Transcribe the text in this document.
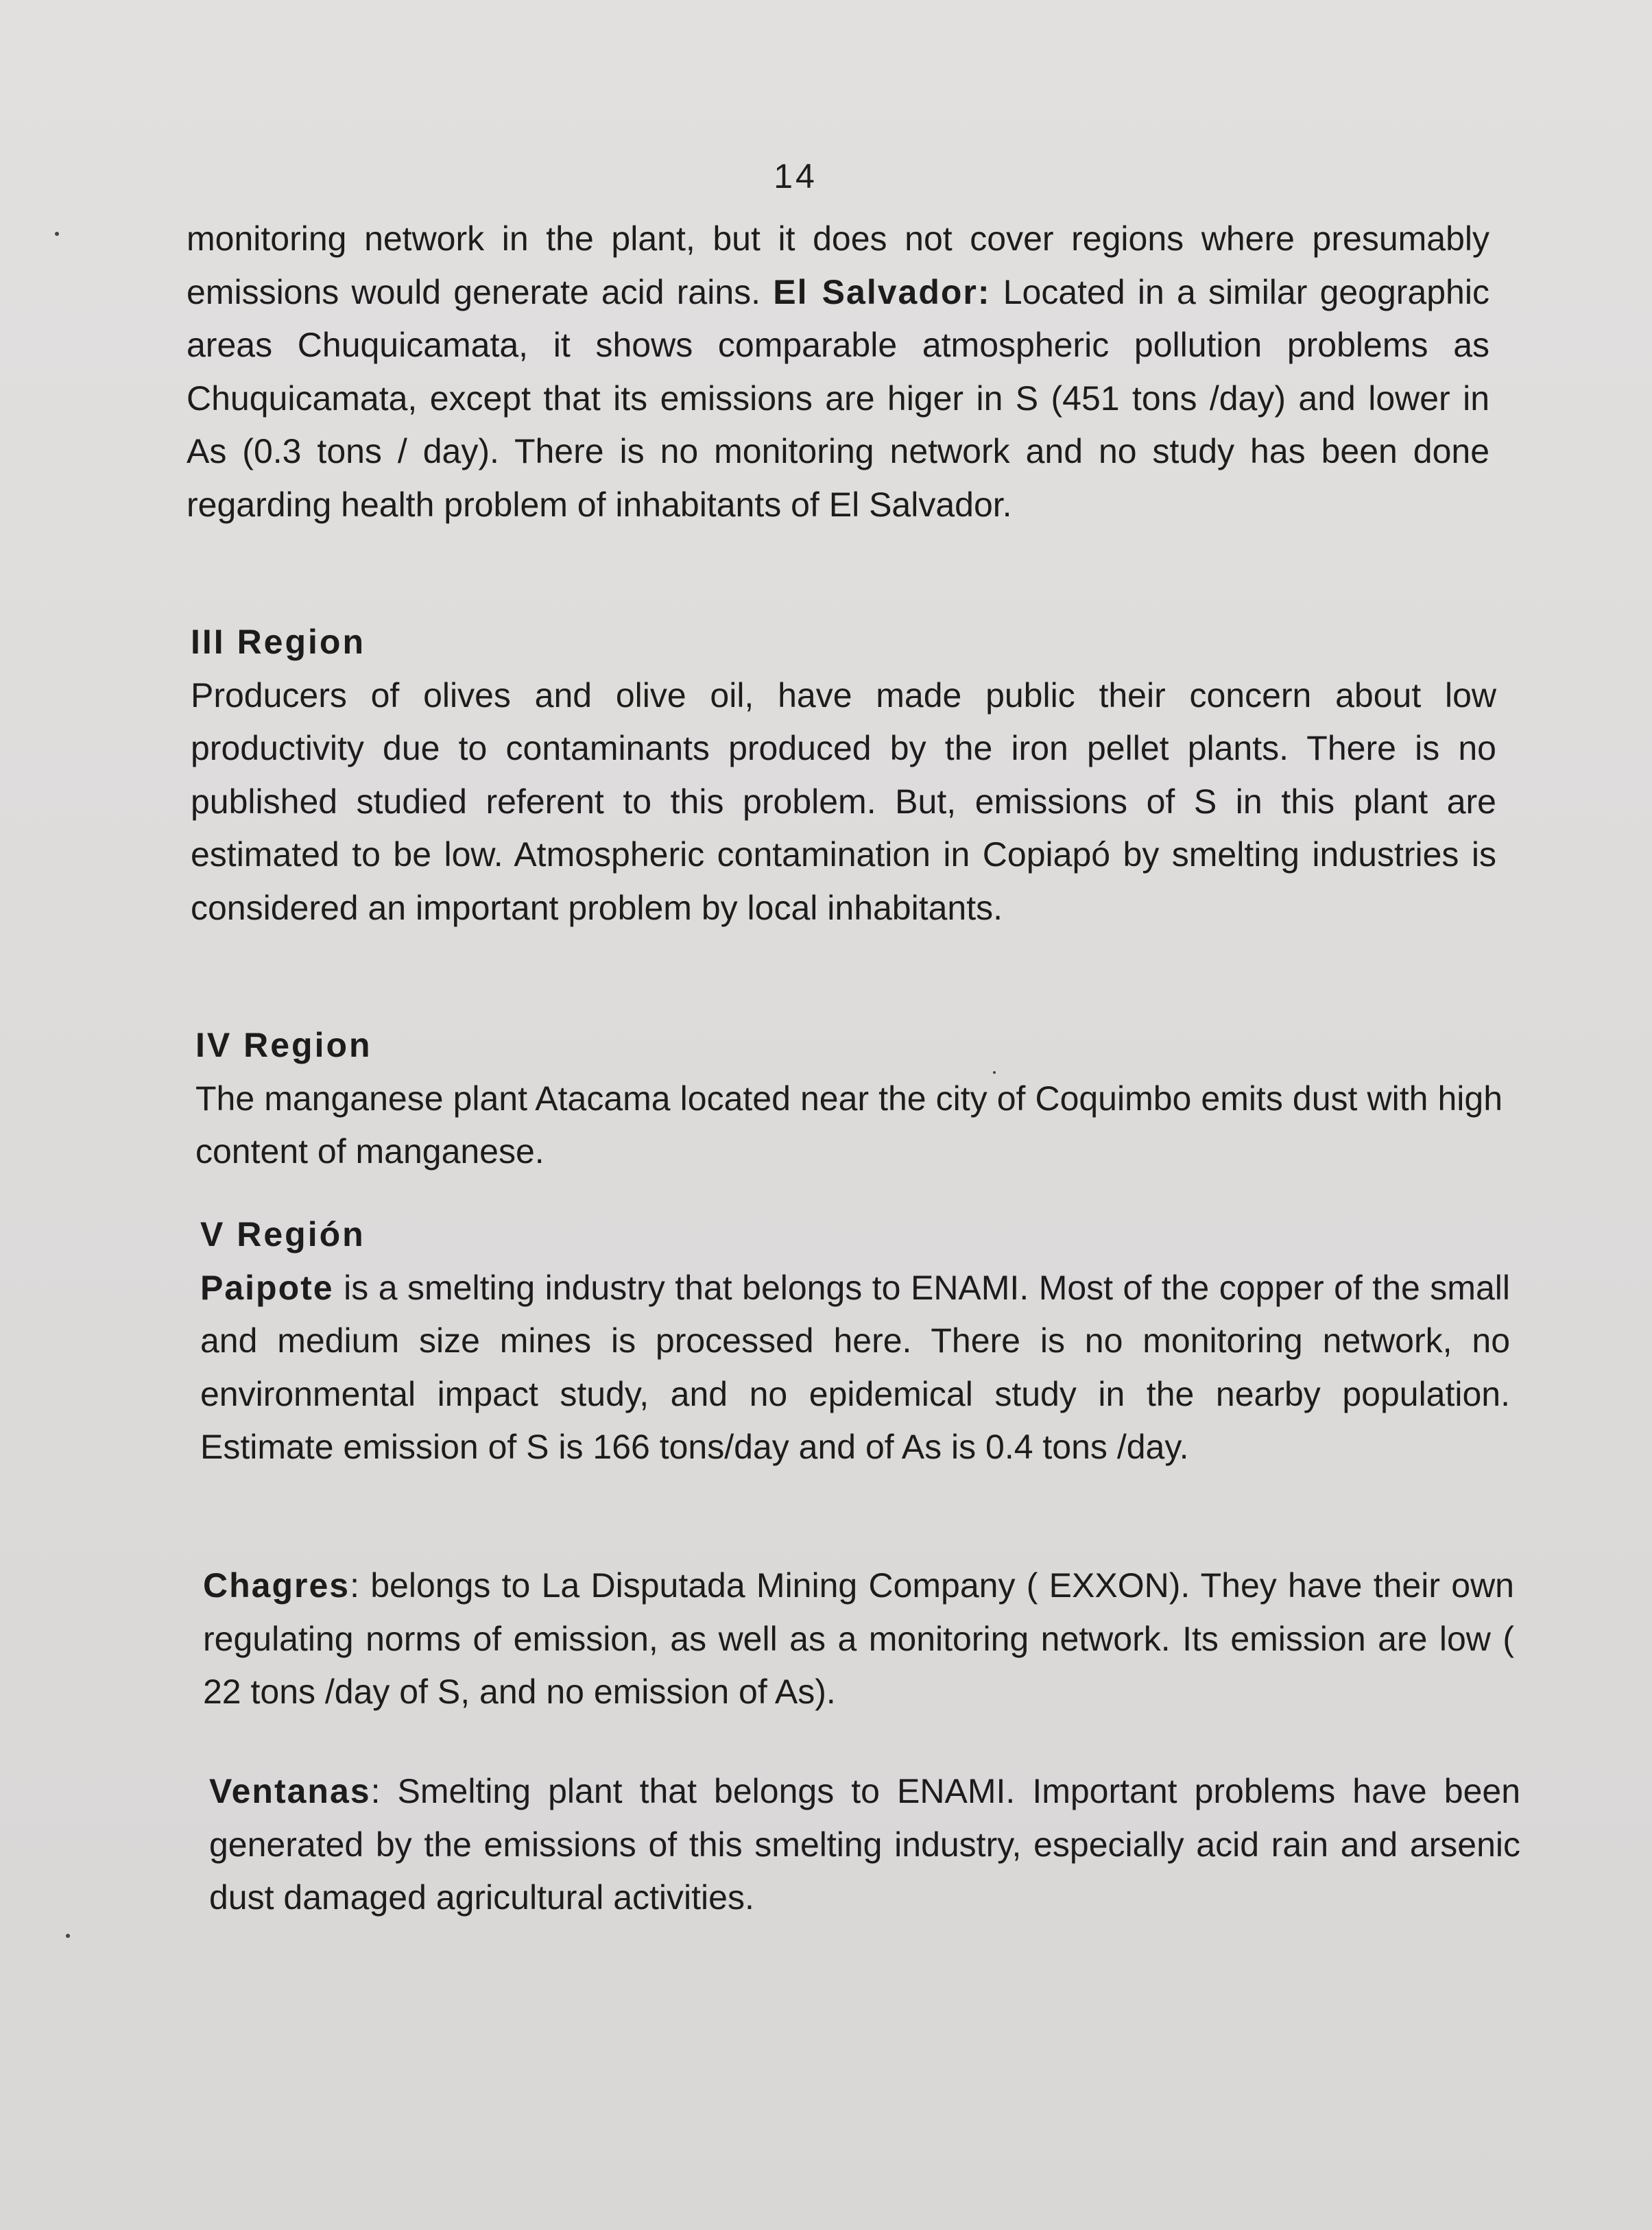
14
monitoring network in the plant, but it does not cover regions where presumably emissions would generate acid rains. El Salvador: Located in a similar geographic areas Chuquicamata, it shows comparable atmospheric pollution problems as Chuquicamata, except that its emissions are higer in S (451 tons /day) and lower in As (0.3 tons / day). There is no monitoring network and no study has been done regarding health problem of inhabitants of El Salvador.
III Region
Producers of olives and olive oil, have made public their concern about low productivity due to contaminants produced by the iron pellet plants. There is no published studied referent to this problem. But, emissions of S in this plant are estimated to be low. Atmospheric contamination in Copiapó by smelting industries is considered an important problem by local inhabitants.
IV Region
The manganese plant Atacama located near the city of Coquimbo emits dust with high content of manganese.
V Región
Paipote is a smelting industry that belongs to ENAMI. Most of the copper of the small and medium size mines is processed here. There is no monitoring network, no environmental impact study, and no epidemical study in the nearby population. Estimate emission of S is 166 tons/day and of As is 0.4 tons /day.
Chagres: belongs to La Disputada Mining Company ( EXXON). They have their own regulating norms of emission, as well as a monitoring network. Its emission are low ( 22 tons /day of S, and no emission of As).
Ventanas: Smelting plant that belongs to ENAMI. Important problems have been generated by the emissions of this smelting industry, especially acid rain and arsenic dust damaged agricultural activities.
